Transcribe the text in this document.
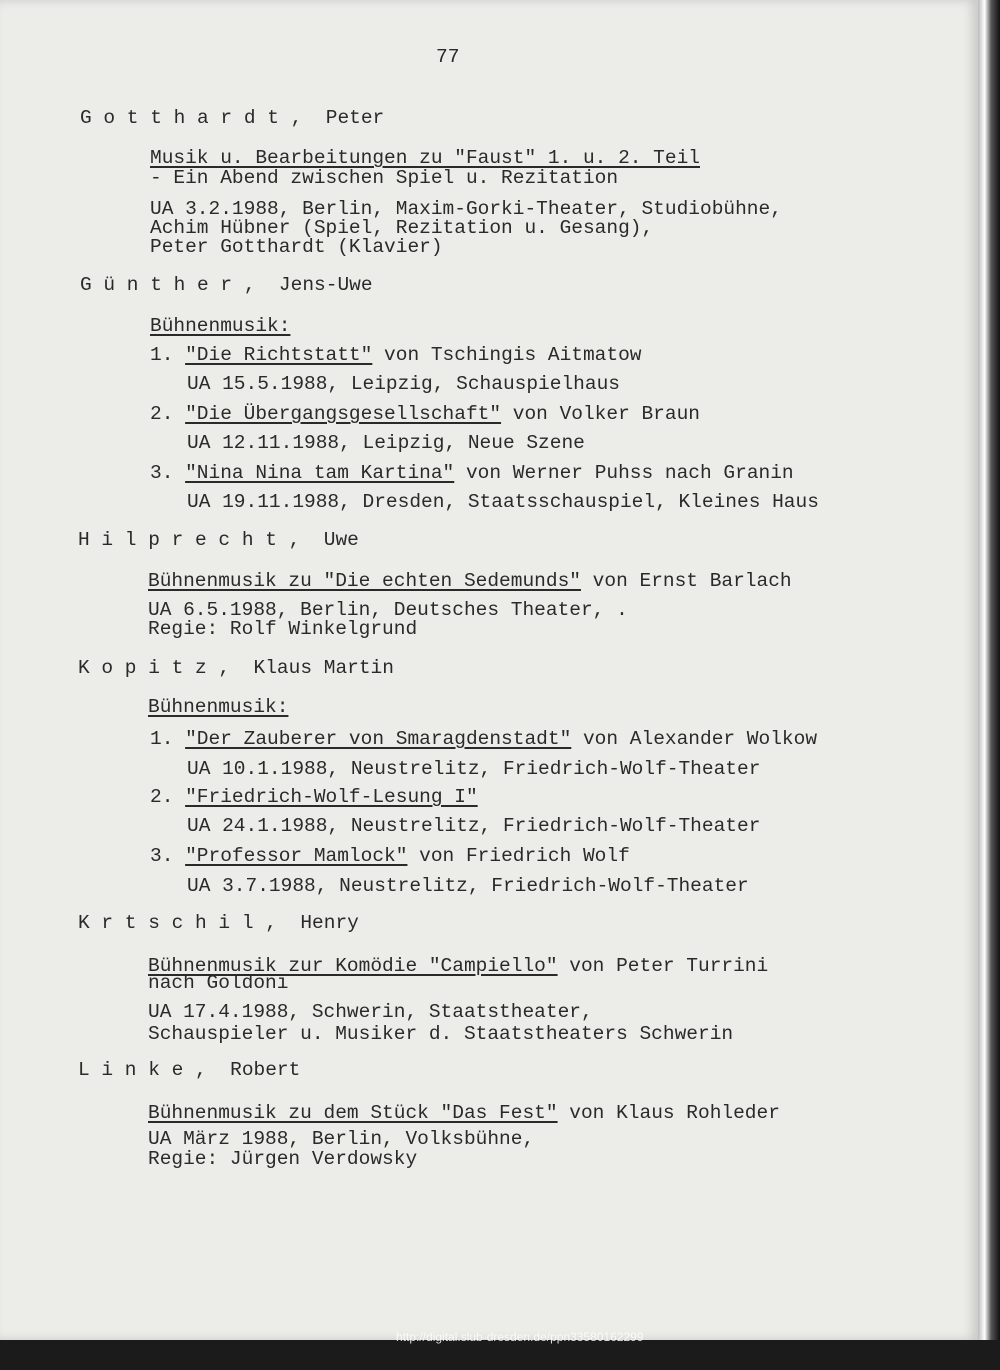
77
G o t t h a r d t ,  Peter
Musik u. Bearbeitungen zu "Faust" 1. u. 2. Teil
- Ein Abend zwischen Spiel u. Rezitation
UA 3.2.1988, Berlin, Maxim-Gorki-Theater, Studiobühne,
Achim Hübner (Spiel, Rezitation u. Gesang),
Peter Gotthardt (Klavier)
G ü n t h e r ,  Jens-Uwe
Bühnenmusik:
1. "Die Richtstatt" von Tschingis Aitmatow
UA 15.5.1988, Leipzig, Schauspielhaus
2. "Die Übergangsgesellschaft" von Volker Braun
UA 12.11.1988, Leipzig, Neue Szene
3. "Nina Nina tam Kartina" von Werner Puhss nach Granin
UA 19.11.1988, Dresden, Staatsschauspiel, Kleines Haus
H i l p r e c h t ,  Uwe
Bühnenmusik zu "Die echten Sedemunds" von Ernst Barlach
UA 6.5.1988, Berlin, Deutsches Theater, .
Regie: Rolf Winkelgrund
K o p i t z ,  Klaus Martin
Bühnenmusik:
1. "Der Zauberer von Smaragdenstadt" von Alexander Wolkow
UA 10.1.1988, Neustrelitz, Friedrich-Wolf-Theater
2. "Friedrich-Wolf-Lesung I"
UA 24.1.1988, Neustrelitz, Friedrich-Wolf-Theater
3. "Professor Mamlock" von Friedrich Wolf
UA 3.7.1988, Neustrelitz, Friedrich-Wolf-Theater
K r t s c h i l ,  Henry
Bühnenmusik zur Komödie "Campiello" von Peter Turrini
nach Goldoni
UA 17.4.1988, Schwerin, Staatstheater,
Schauspieler u. Musiker d. Staatstheaters Schwerin
L i n k e ,  Robert
Bühnenmusik zu dem Stück "Das Fest" von Klaus Rohleder
UA März 1988, Berlin, Volksbühne,
Regie: Jürgen Verdowsky
http://digital.slub-dresden.de/ppn33580162299
